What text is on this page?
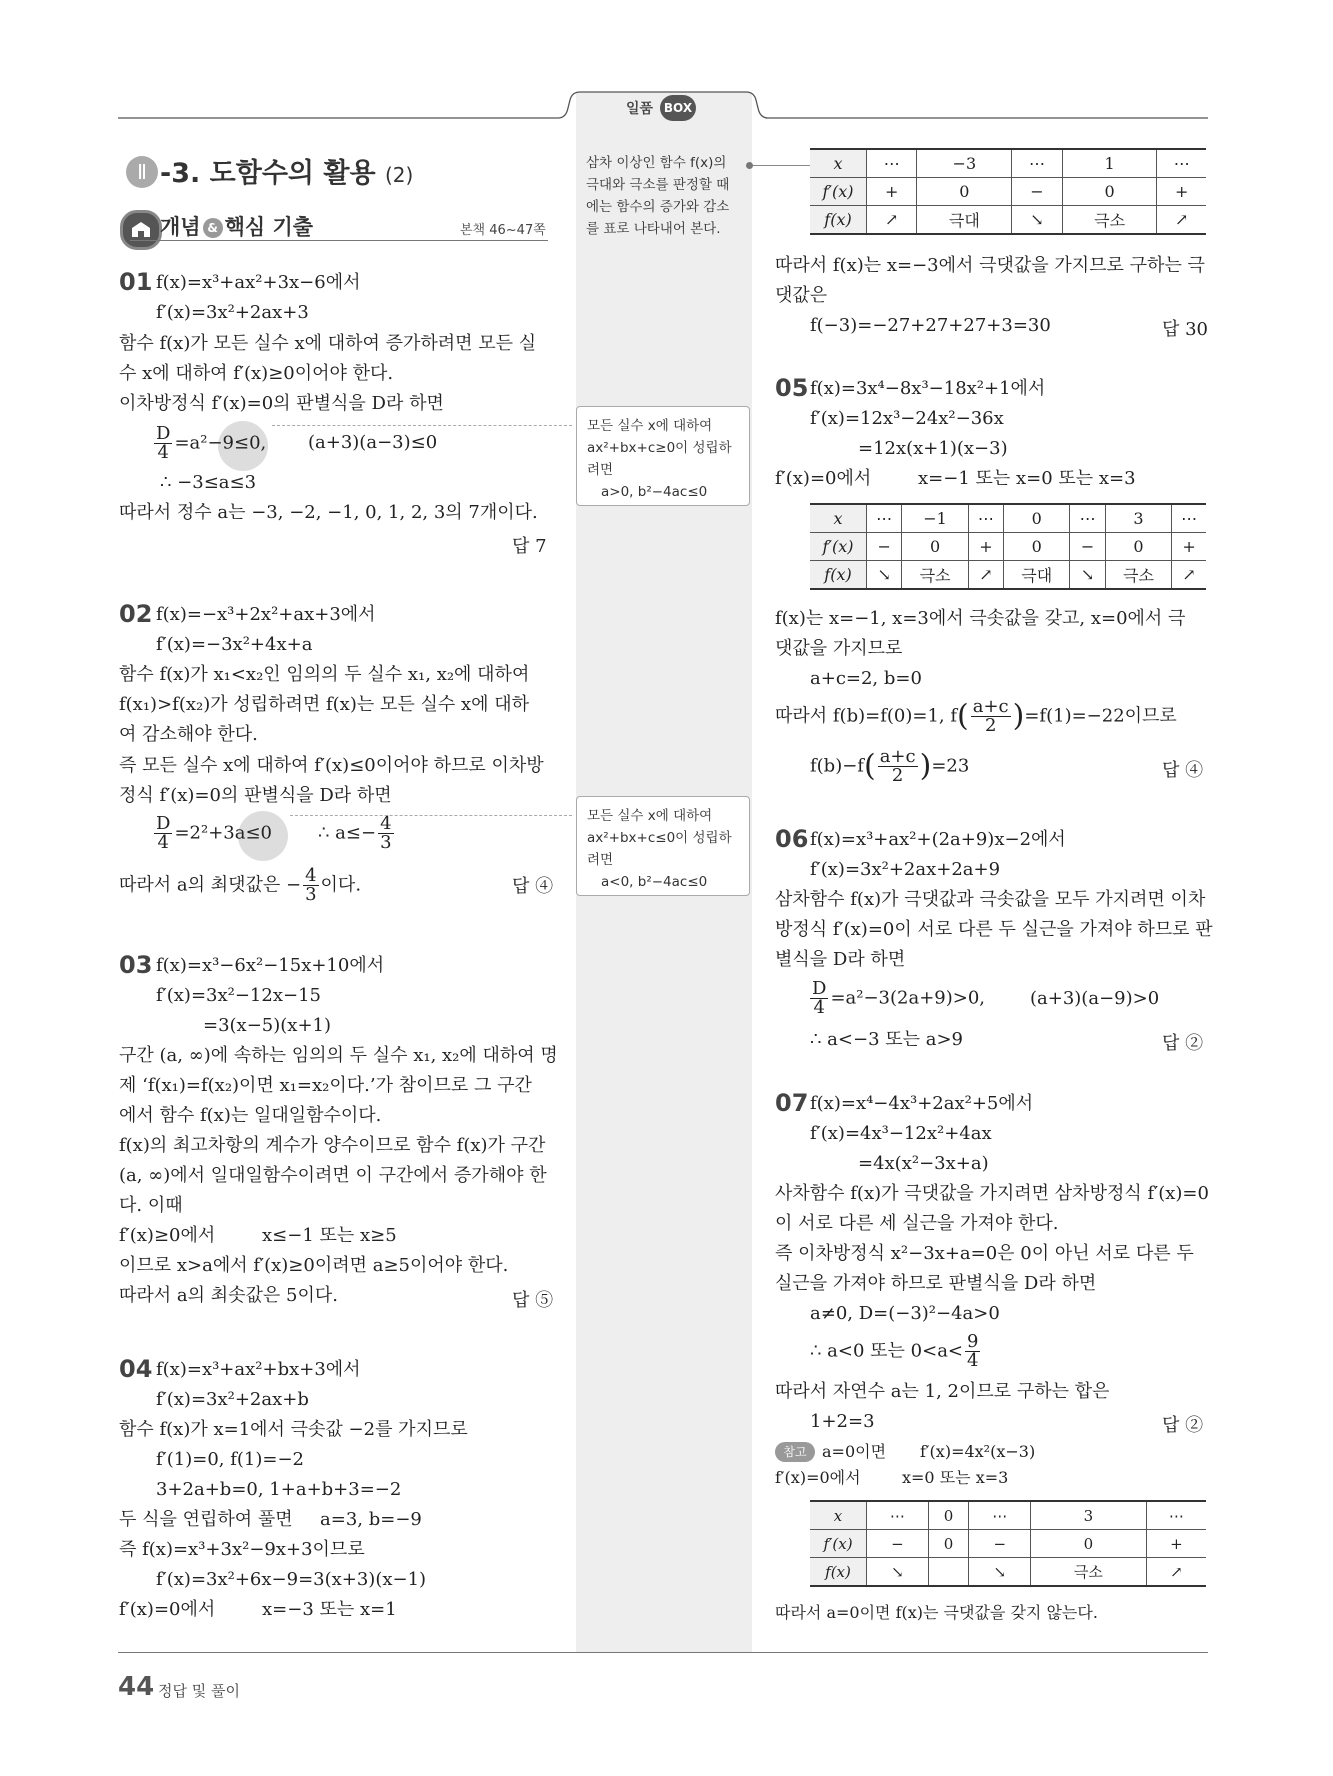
일품 BOX
Ⅱ -3. 도함수의 활용 (2)
개념 & 핵심 기출	본책 46~47쪽
삼차 이상인 함수 f(x)의
극대와 극소를 판정할 때
에는 함수의 증가와 감소
를 표로 나타내어 본다.
01 f(x)=x³+ax²+3x−6에서
f′(x)=3x²+2ax+3
함수 f(x)가 모든 실수 x에 대하여 증가하려면 모든 실
수 x에 대하여 f′(x)≥0이어야 한다.
이차방정식 f′(x)=0의 판별식을 D라 하면
$\frac{D}{4} =a^2-9\le 0$, (a+3)(a−3)≤0
∴ −3≤a≤3
따라서 정수 a는 −3, −2, −1, 0, 1, 2, 3의 7개이다.
답 7
모든 실수 x에 대하여
ax²+bx+c≥0이 성립하
려면
a>0, b²−4ac≤0
02 f(x)=−x³+2x²+ax+3에서
f′(x)=−3x²+4x+a
함수 f(x)가 x₁<x₂인 임의의 두 실수 x₁, x₂에 대하여
f(x₁)>f(x₂)가 성립하려면 f(x)는 모든 실수 x에 대하
여 감소해야 한다.
즉 모든 실수 x에 대하여 f′(x)≤0이어야 하므로 이차방
정식 f′(x)=0의 판별식을 D라 하면
$\frac{D}{4} =2^2+3a\le 0$	∴ $a\le- \frac{4}{3}$
따라서 a의 최댓값은 − $\frac{4}{3}$ 이다.	답 ④
모든 실수 x에 대하여
ax²+bx+c≤0이 성립하
려면
a<0, b²−4ac≤0
03 f(x)=x³−6x²−15x+10에서
f′(x)=3x²−12x−15
=3(x−5)(x+1)
구간 (a, ∞)에 속하는 임의의 두 실수 x₁, x₂에 대하여 명
제 ‘f(x₁)=f(x₂)이면 x₁=x₂이다.’가 참이므로 그 구간
에서 함수 f(x)는 일대일함수이다.
f(x)의 최고차항의 계수가 양수이므로 함수 f(x)가 구간
(a, ∞)에서 일대일함수이려면 이 구간에서 증가해야 한
다. 이때
f′(x)≥0에서	x≤−1 또는 x≥5
이므로 x>a에서 f′(x)≥0이려면 a≥5이어야 한다.
따라서 a의 최솟값은 5이다.	답 ⑤
04 f(x)=x³+ax²+bx+3에서
f′(x)=3x²+2ax+b
함수 f(x)가 x=1에서 극솟값 −2를 가지므로
f′(1)=0, f(1)=−2
3+2a+b=0, 1+a+b+3=−2
두 식을 연립하여 풀면 a=3, b=−9
즉 f(x)=x³+3x²−9x+3이므로
f′(x)=3x²+6x−9=3(x+3)(x−1)
f′(x)=0에서	x=−3 또는 x=1
x	⋯	−3	⋯	1	⋯
f′(x)	+	0	−	0	+
f(x)	↗	극대	↘	극소	↗
따라서 f(x)는 x=−3에서 극댓값을 가지므로 구하는 극
댓값은
f(−3)=−27+27+27+3=30	답 30
05 f(x)=3x⁴−8x³−18x²+1에서
f′(x)=12x³−24x²−36x
=12x(x+1)(x−3)
f′(x)=0에서	x=−1 또는 x=0 또는 x=3
x	⋯	−1	⋯	0	⋯	3	⋯
f′(x)	−	0	+	0	−	0	+
f(x)	↘	극소	↗	극대	↘	극소	↗
f(x)는 x=−1, x=3에서 극솟값을 갖고, x=0에서 극
댓값을 가지므로
a+c=2, b=0
따라서 f(b)=f(0)=1, $f( \frac{a+c}{2} )=f(1)=-22$이므로
$f(b)-f( \frac{a+c}{2} )=23$	답 ④
06 f(x)=x³+ax²+(2a+9)x−2에서
f′(x)=3x²+2ax+2a+9
삼차함수 f(x)가 극댓값과 극솟값을 모두 가지려면 이차
방정식 f′(x)=0이 서로 다른 두 실근을 가져야 하므로 판
별식을 D라 하면
$\frac{D}{4} =a^2-3(2a+9)>0$, (a+3)(a−9)>0
∴ a<−3 또는 a>9	답 ②
07 f(x)=x⁴−4x³+2ax²+5에서
f′(x)=4x³−12x²+4ax
=4x(x²−3x+a)
사차함수 f(x)가 극댓값을 가지려면 삼차방정식 f′(x)=0
이 서로 다른 세 실근을 가져야 한다.
즉 이차방정식 x²−3x+a=0은 0이 아닌 서로 다른 두
실근을 가져야 하므로 판별식을 D라 하면
a≠0, D=(−3)²−4a>0
∴ a<0 또는 $0<a< \frac{9}{4}$
따라서 자연수 a는 1, 2이므로 구하는 합은
1+2=3	답 ②
참고 a=0이면 f′(x)=4x²(x−3)
f′(x)=0에서	x=0 또는 x=3
x	⋯	0	⋯	3	⋯
f′(x)	−	0	−	0	+
f(x)	↘		↘	극소	↗
따라서 a=0이면 f(x)는 극댓값을 갖지 않는다.
44 정답 및 풀이
